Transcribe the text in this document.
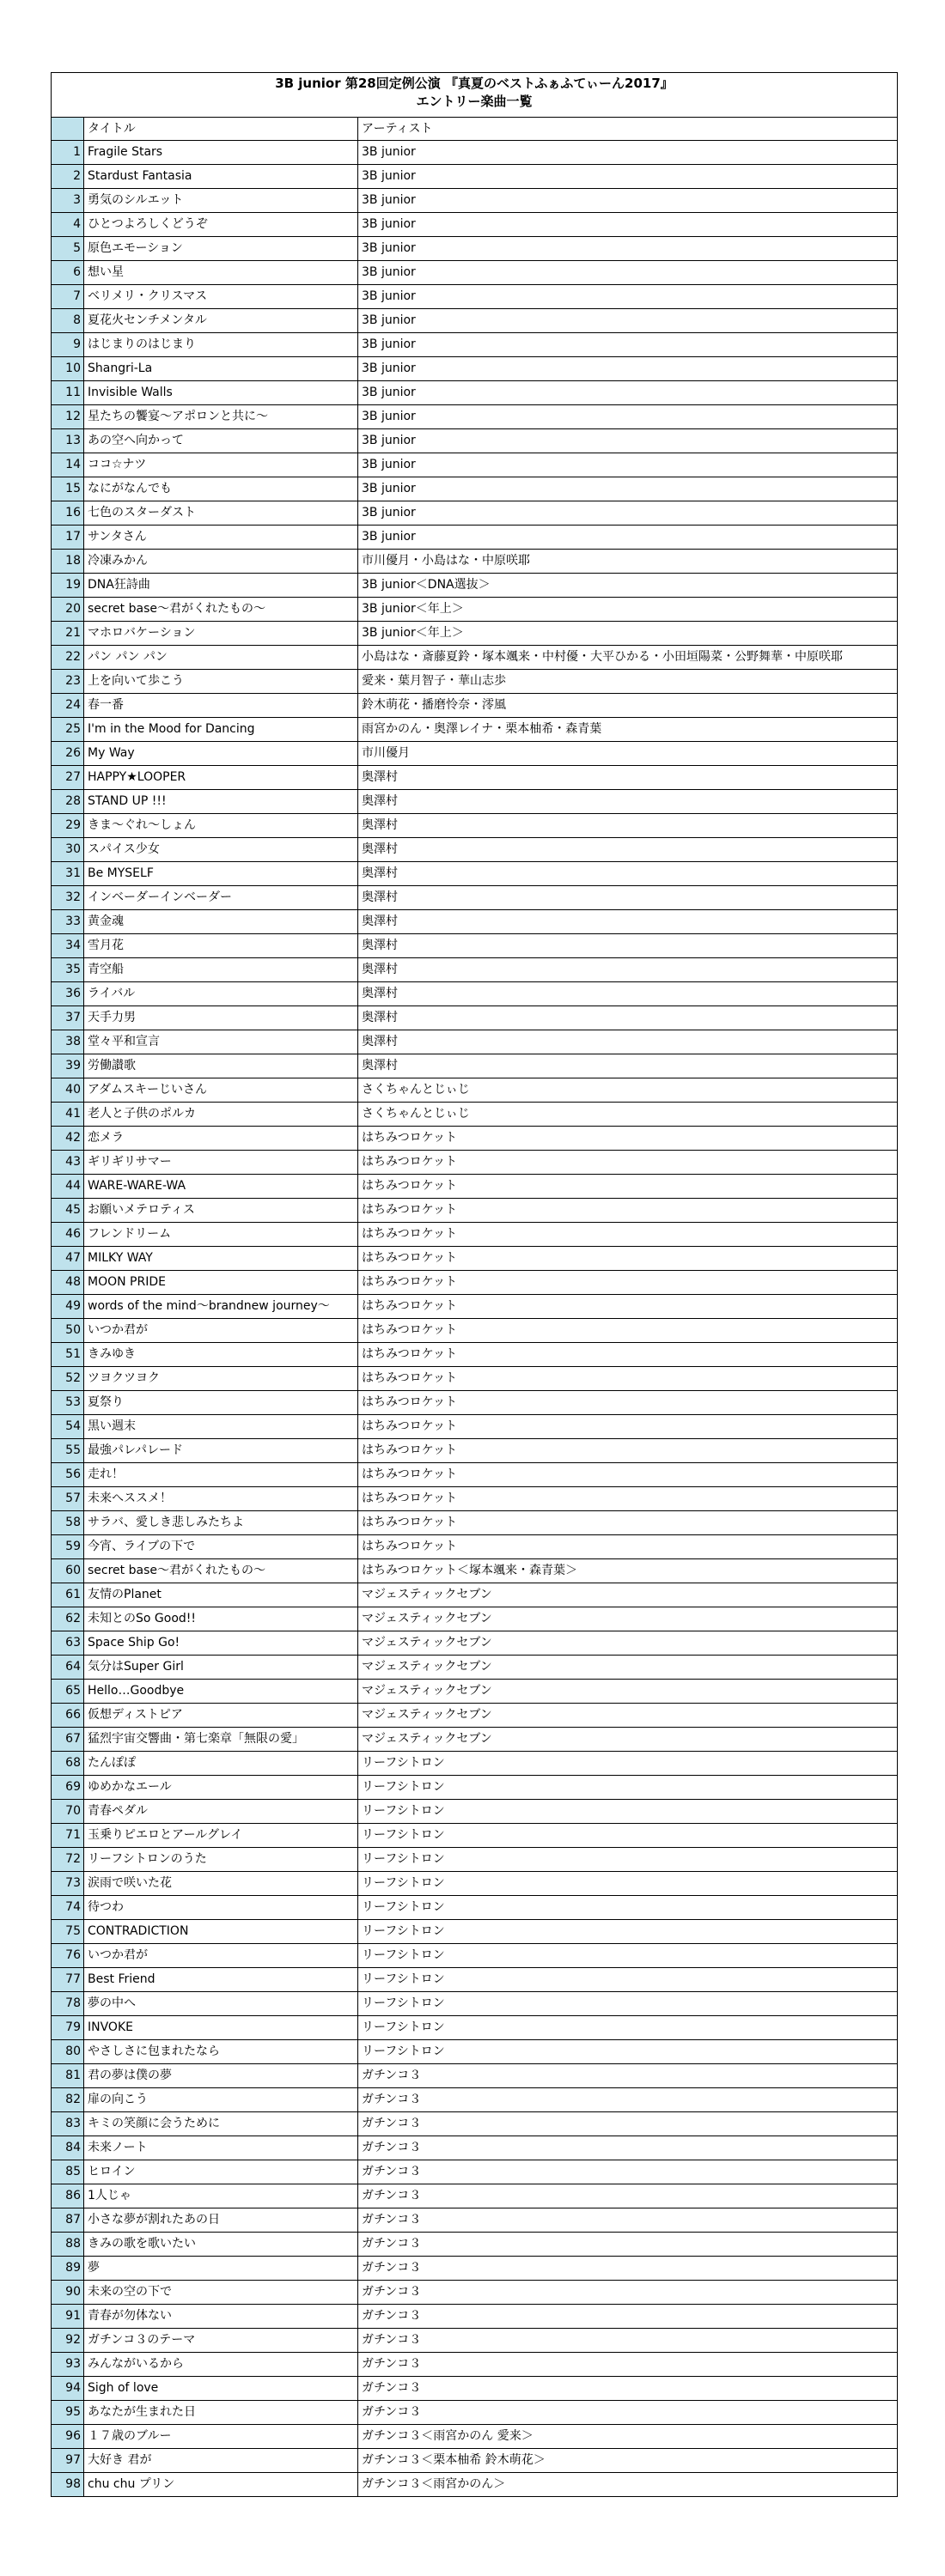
3B junior 第28回定例公演 『真夏のベストふぁふてぃーん2017』
エントリー楽曲一覧		

	タイトル	アーティスト
1	Fragile Stars	3B junior
2	Stardust Fantasia	3B junior
3	勇気のシルエット	3B junior
4	ひとつよろしくどうぞ	3B junior
5	原色エモーション	3B junior
6	想い星	3B junior
7	ベリメリ・クリスマス	3B junior
8	夏花火センチメンタル	3B junior
9	はじまりのはじまり	3B junior
10	Shangri-La	3B junior
11	Invisible Walls	3B junior
12	星たちの饗宴〜アポロンと共に〜	3B junior
13	あの空へ向かって	3B junior
14	ココ☆ナツ	3B junior
15	なにがなんでも	3B junior
16	七色のスターダスト	3B junior
17	サンタさん	3B junior
18	冷凍みかん	市川優月・小島はな・中原咲耶
19	DNA狂詩曲	3B junior＜DNA選抜＞
20	secret base〜君がくれたもの〜	3B junior＜年上＞
21	マホロバケーション	3B junior＜年上＞
22	パン パン パン	小島はな・斎藤夏鈴・塚本颯来・中村優・大平ひかる・小田垣陽菜・公野舞華・中原咲耶
23	上を向いて歩こう	愛来・葉月智子・華山志歩
24	春一番	鈴木萌花・播磨怜奈・澪風
25	I'm in the Mood for Dancing	雨宮かのん・奥澤レイナ・栗本柚希・森青葉
26	My Way	市川優月
27	HAPPY★LOOPER	奥澤村
28	STAND UP !!!	奥澤村
29	きま〜ぐれ〜しょん	奥澤村
30	スパイス少女	奥澤村
31	Be MYSELF	奥澤村
32	インベーダーインベーダー	奥澤村
33	黄金魂	奥澤村
34	雪月花	奥澤村
35	青空船	奥澤村
36	ライバル	奥澤村
37	天手力男	奥澤村
38	堂々平和宣言	奥澤村
39	労働讃歌	奥澤村
40	アダムスキーじいさん	さくちゃんとじぃじ
41	老人と子供のポルカ	さくちゃんとじぃじ
42	恋メラ	はちみつロケット
43	ギリギリサマー	はちみつロケット
44	WARE-WARE-WA	はちみつロケット
45	お願いメテロティス	はちみつロケット
46	フレンドリーム	はちみつロケット
47	MILKY WAY	はちみつロケット
48	MOON PRIDE	はちみつロケット
49	words of the mind〜brandnew journey〜	はちみつロケット
50	いつか君が	はちみつロケット
51	きみゆき	はちみつロケット
52	ツヨクツヨク	はちみつロケット
53	夏祭り	はちみつロケット
54	黒い週末	はちみつロケット
55	最強パレパレード	はちみつロケット
56	走れ！	はちみつロケット
57	未来へススメ！	はちみつロケット
58	サラバ、愛しき悲しみたちよ	はちみつロケット
59	今宵、ライブの下で	はちみつロケット
60	secret base〜君がくれたもの〜	はちみつロケット＜塚本颯来・森青葉＞
61	友情のPlanet	マジェスティックセブン
62	未知とのSo Good!!	マジェスティックセブン
63	Space Ship Go!	マジェスティックセブン
64	気分はSuper Girl	マジェスティックセブン
65	Hello…Goodbye	マジェスティックセブン
66	仮想ディストピア	マジェスティックセブン
67	猛烈宇宙交響曲・第七楽章「無限の愛」	マジェスティックセブン
68	たんぽぽ	リーフシトロン
69	ゆめかなエール	リーフシトロン
70	青春ペダル	リーフシトロン
71	玉乗りピエロとアールグレイ	リーフシトロン
72	リーフシトロンのうた	リーフシトロン
73	涙雨で咲いた花	リーフシトロン
74	待つわ	リーフシトロン
75	CONTRADICTION	リーフシトロン
76	いつか君が	リーフシトロン
77	Best Friend	リーフシトロン
78	夢の中へ	リーフシトロン
79	INVOKE	リーフシトロン
80	やさしさに包まれたなら	リーフシトロン
81	君の夢は僕の夢	ガチンコ３
82	扉の向こう	ガチンコ３
83	キミの笑顔に会うために	ガチンコ３
84	未来ノート	ガチンコ３
85	ヒロイン	ガチンコ３
86	1人じゃ	ガチンコ３
87	小さな夢が割れたあの日	ガチンコ３
88	きみの歌を歌いたい	ガチンコ３
89	夢	ガチンコ３
90	未来の空の下で	ガチンコ３
91	青春が勿体ない	ガチンコ３
92	ガチンコ３のテーマ	ガチンコ３
93	みんながいるから	ガチンコ３
94	Sigh of love	ガチンコ３
95	あなたが生まれた日	ガチンコ３
96	１７歳のブルー	ガチンコ３＜雨宮かのん 愛来＞
97	大好き 君が	ガチンコ３＜栗本柚希 鈴木萌花＞
98	chu chu プリン	ガチンコ３＜雨宮かのん＞
